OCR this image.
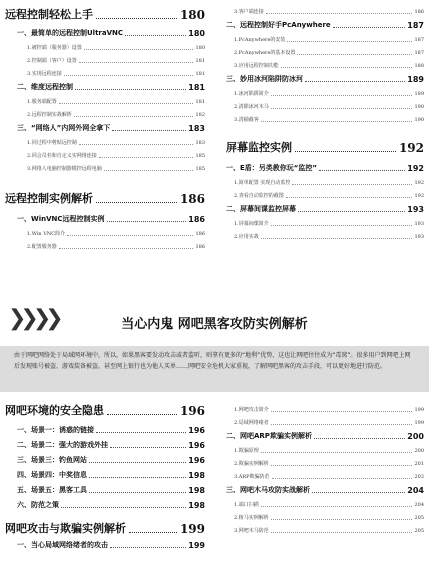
远程控制轻松上手	180
一、最简单的远程控制UltraVNC	180
1.被控端（服务器）设置	180
2.控制端（客户）设置	181
3.实现远程连接	181
二、维度远程控制	181
1.服务端配置	181
2.远程控制实战解析	182
三、“网络人”内网外网全拿下	183
1.同过程中剪贴远控制	183
2.同会员名和自定义实网络连接	185
3.网络人电脑控制器模控远程电脑	185
远程控制实例解析	186
一、WinVNC远程控制实例	186
1.Win VNC简介	186
2.配置服务器	186
3.客户端连接	186
二、远程控制好手PcAnywhere	187
1.PcAnywhere的安装	187
2.PcAnywhere的基本设置	187
3.应用远程控制功能	188
三、妙用冰河陷阱防冰河	189
1.冰河陷阱简介	189
2.清除冰河木马	190
3.清捕截客	190
屏幕监控实例	192
一、E盾：另类教你玩“监控”	192
1.简单配置 实现自动监控	192
2.查看自动监控的截图	192
二、屏幕间谍监控屏幕	193
1.屏幕间谍简介	193
2.应用实战	193
❯❯❯❯	当心内鬼 网吧黑客攻防实例解析
由于网吧网络处于局域网环境中，所以，如果黑客要发动攻击或者监听，则拿有更多的“地利”优势，这也让网吧往往成为“毒窝”。很多用户到网吧上网后发现账号被盗、游戏装备被盗，甚至网上银行也为他人买单……网吧安全危机大家重视，了解网吧黑客的攻击手段，可以更好地进行防范。
网吧环境的安全隐患	196
一、场景一：诱惑的链接	196
二、场景二：强大的游戏外挂	196
三、场景三：钓鱼网站	196
四、场景四：中奖信息	198
五、场景五：黑客工具	198
六、防范之策	198
网吧攻击与欺骗实例解析	199
一、当心局域网络绪者的攻击	199
1.网吧攻击简介	199
2.局域网络绪者	199
二、网吧ARP欺骗实例解析	200
1.欺骗原理	200
2.欺骗实例解析	201
3.ARP欺骗防范	202
三、网吧木马攻防实战解析	204
1.端口扫描	204
2.植马实例解析	205
3.网吧木马防范	205
